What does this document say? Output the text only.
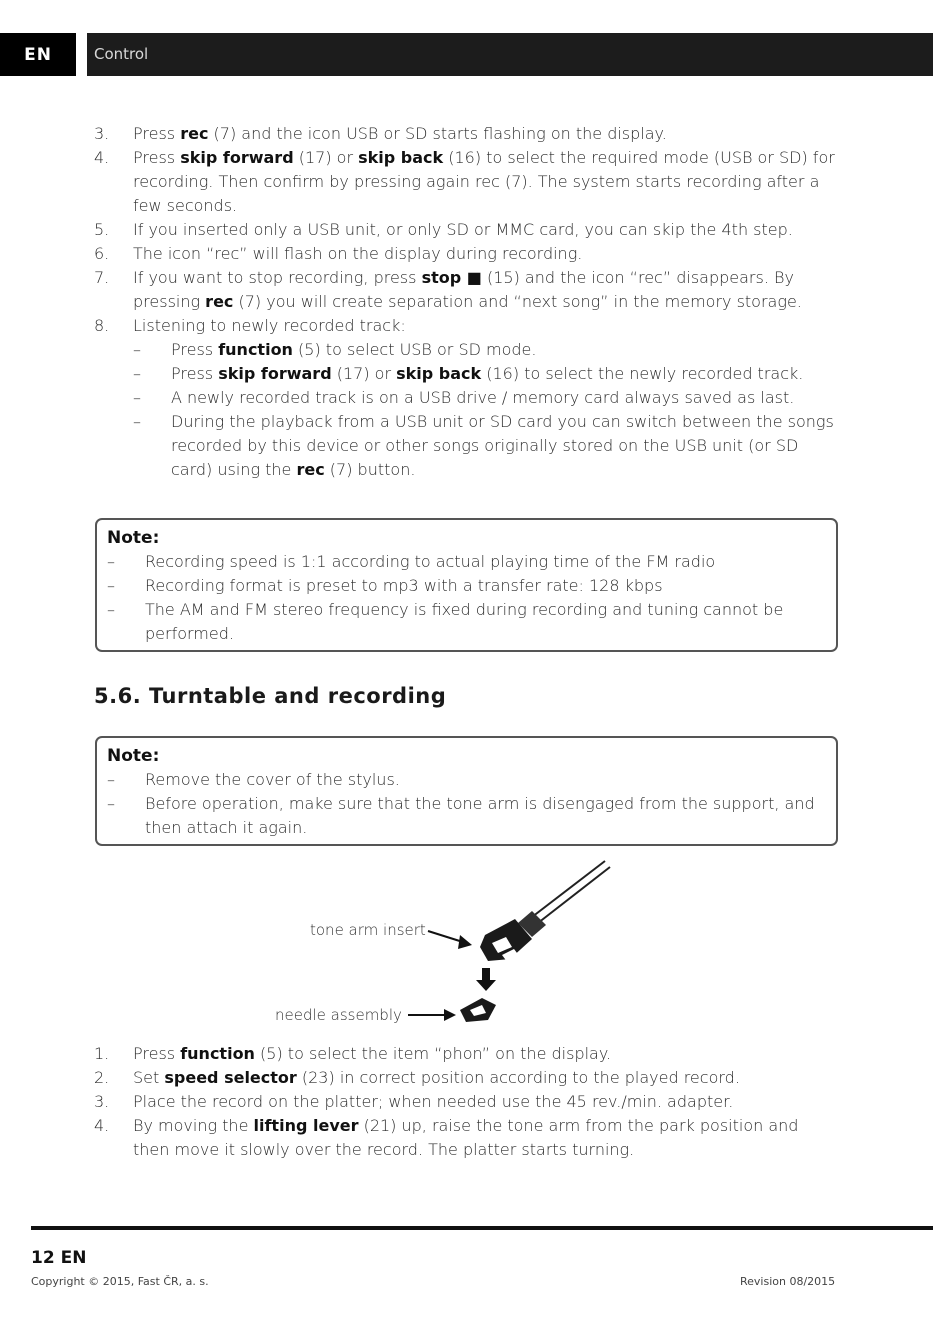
EN	Control
3.	Press rec (7) and the icon USB or SD starts flashing on the display.
4.	Press skip forward (17) or skip back (16) to select the required mode (USB or SD) for recording. Then confirm by pressing again rec (7). The system starts recording after a few seconds.
5.	If you inserted only a USB unit, or only SD or MMC card, you can skip the 4th step.
6.	The icon “rec” will flash on the display during recording.
7.	If you want to stop recording, press stop ■ (15) and the icon “rec” disappears. By pressing rec (7) you will create separation and “next song” in the memory storage.
8.	Listening to newly recorded track:
– Press function (5) to select USB or SD mode.
– Press skip forward (17) or skip back (16) to select the newly recorded track.
– A newly recorded track is on a USB drive / memory card always saved as last.
– During the playback from a USB unit or SD card you can switch between the songs recorded by this device or other songs originally stored on the USB unit (or SD card) using the rec (7) button.
Note:
– Recording speed is 1:1 according to actual playing time of the FM radio
– Recording format is preset to mp3 with a transfer rate: 128 kbps
– The AM and FM stereo frequency is fixed during recording and tuning cannot be performed.
5.6. Turntable and recording
Note:
– Remove the cover of the stylus.
– Before operation, make sure that the tone arm is disengaged from the support, and then attach it again.
tone arm insert
needle assembly
1.	Press function (5) to select the item “phon” on the display.
2.	Set speed selector (23) in correct position according to the played record.
3.	Place the record on the platter; when needed use the 45 rev./min. adapter.
4.	By moving the lifting lever (21) up, raise the tone arm from the park position and then move it slowly over the record. The platter starts turning.
12 EN
Copyright © 2015, Fast ČR, a. s.	Revision 08/2015
